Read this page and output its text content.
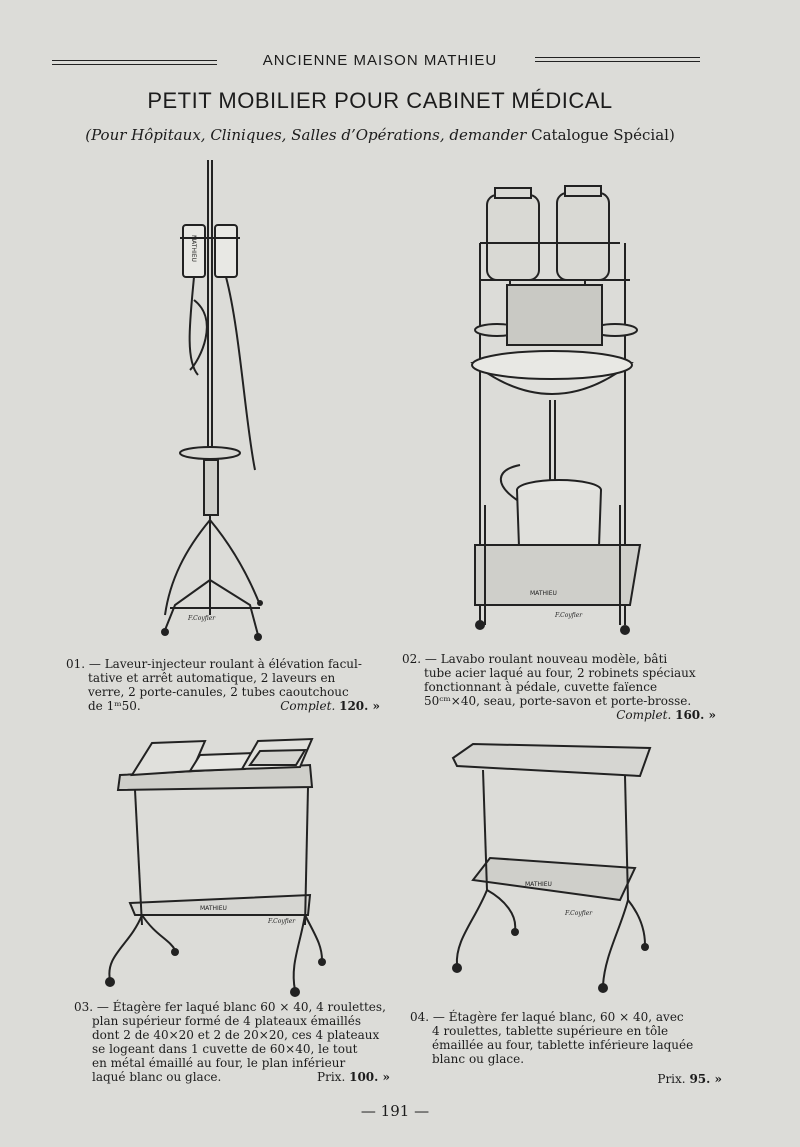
ANCIENNE MAISON MATHIEU
PETIT MOBILIER POUR CABINET MÉDICAL
(Pour Hôpitaux, Cliniques, Salles d’Opérations, demander Catalogue Spécial)
MATHIEU
F.Coyfier
MATHIEU
F.Coyfier
01. — Laveur-injecteur roulant à élévation facul-
tative et arrêt automatique, 2 laveurs en
verre, 2 porte-canules, 2 tubes caoutchouc
de 1ᵐ50.	Complet. 120. »
02. — Lavabo roulant nouveau modèle, bâti
tube acier laqué au four, 2 robinets spéciaux
fonctionnant à pédale, cuvette faïence
50ᶜᵐ×40, seau, porte-savon et porte-brosse.
Complet. 160. »
MATHIEU
F.Coyfier
MATHIEU
F.Coyfier
03. — Étagère fer laqué blanc 60 × 40, 4 roulettes,
plan supérieur formé de 4 plateaux émaillés
dont 2 de 40×20 et 2 de 20×20, ces 4 plateaux
se logeant dans 1 cuvette de 60×40, le tout
en métal émaillé au four, le plan inférieur
laqué blanc ou glace.	Prix. 100. »
04. — Étagère fer laqué blanc, 60 × 40, avec
4 roulettes, tablette supérieure en tôle
émaillée au four, tablette inférieure laquée
blanc ou glace.
Prix. 95. »
— 191 —
